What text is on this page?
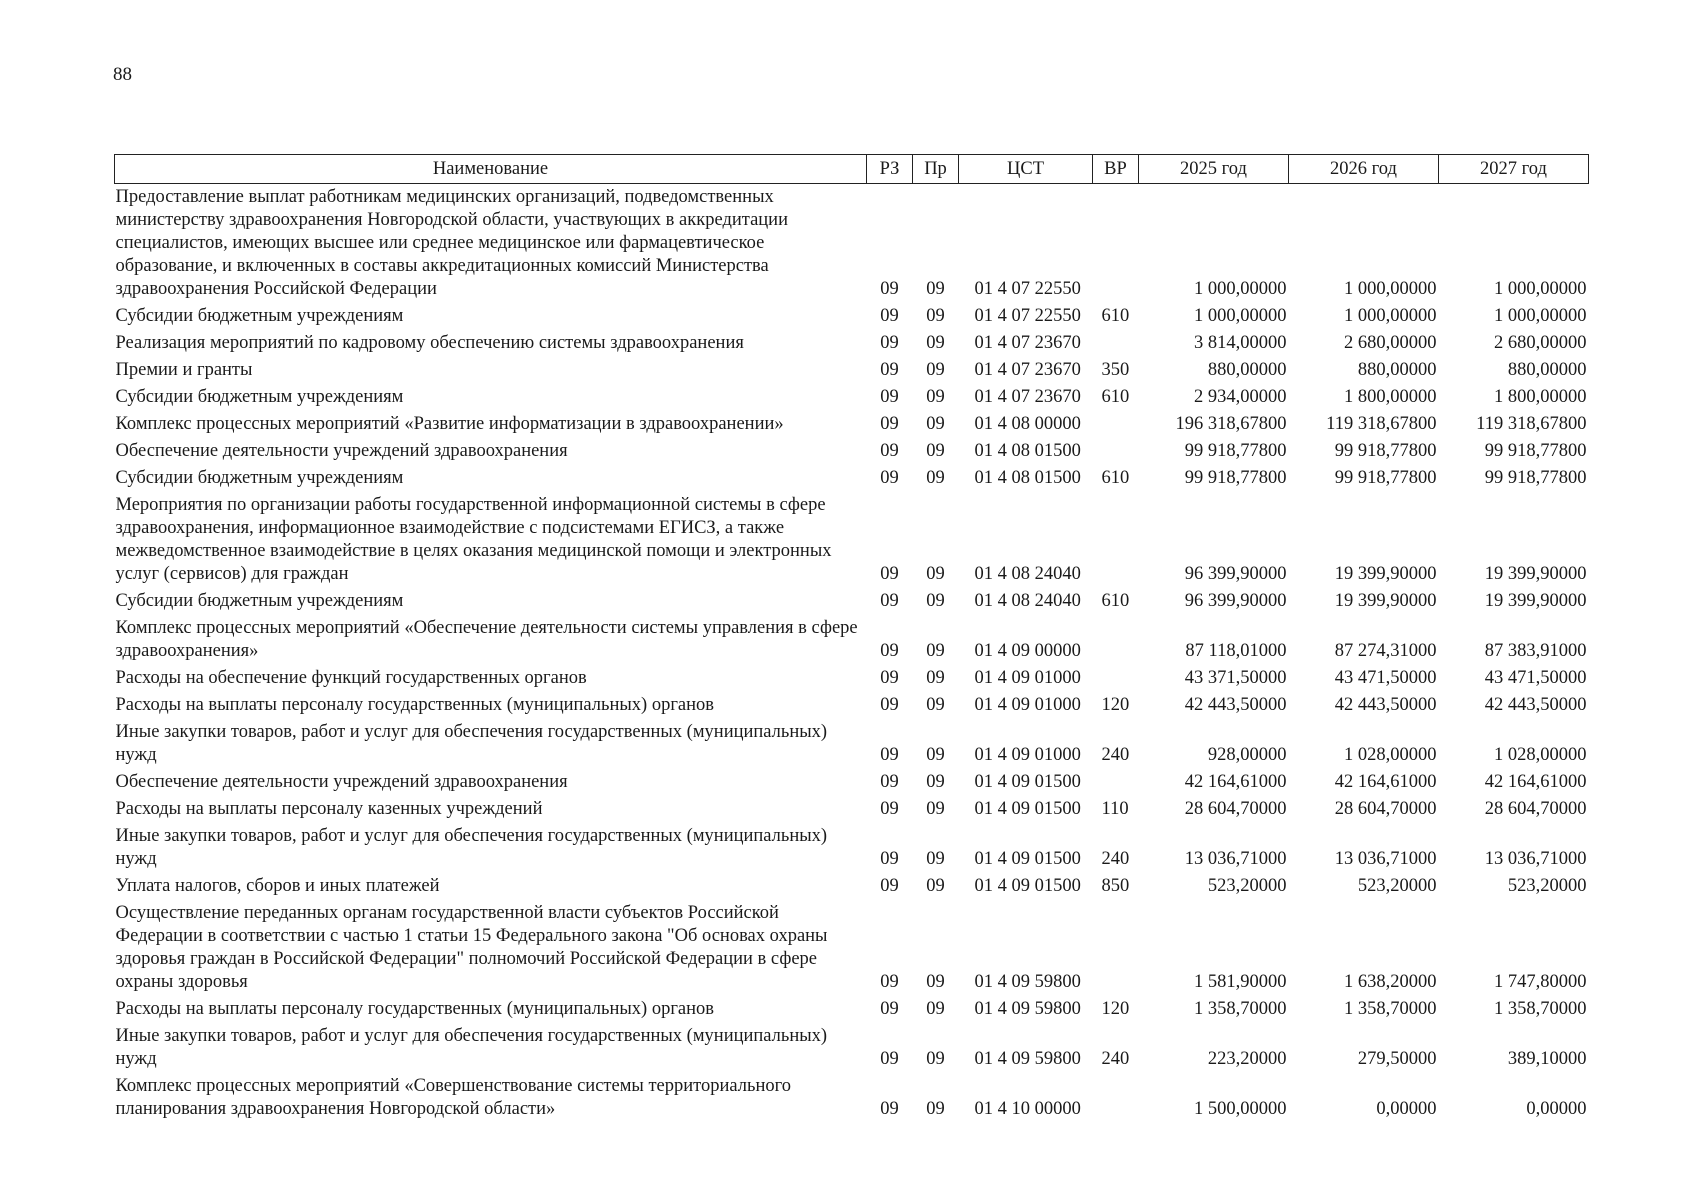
88
Наименование	РЗ	Пр	ЦСТ	ВР	2025 год	2026 год	2027 год
Предоставление выплат работникам медицинских организаций, подведомственных министерству здравоохранения Новгородской области, участвующих в аккредитации специалистов, имеющих высшее или среднее медицинское или фармацевтическое образование, и включенных в составы аккредитационных комиссий Министерства здравоохранения Российской Федерации	09	09	01 4 07 22550		1 000,00000	1 000,00000	1 000,00000
Субсидии бюджетным учреждениям	09	09	01 4 07 22550	610	1 000,00000	1 000,00000	1 000,00000
Реализация мероприятий по кадровому обеспечению системы здравоохранения	09	09	01 4 07 23670		3 814,00000	2 680,00000	2 680,00000
Премии и гранты	09	09	01 4 07 23670	350	880,00000	880,00000	880,00000
Субсидии бюджетным учреждениям	09	09	01 4 07 23670	610	2 934,00000	1 800,00000	1 800,00000
Комплекс процессных мероприятий «Развитие информатизации в здравоохранении»	09	09	01 4 08 00000		196 318,67800	119 318,67800	119 318,67800
Обеспечение деятельности учреждений здравоохранения	09	09	01 4 08 01500		99 918,77800	99 918,77800	99 918,77800
Субсидии бюджетным учреждениям	09	09	01 4 08 01500	610	99 918,77800	99 918,77800	99 918,77800
Мероприятия по организации работы государственной информационной системы в сфере здравоохранения, информационное взаимодействие с подсистемами ЕГИСЗ, а также межведомственное взаимодействие в целях оказания медицинской помощи и электронных услуг (сервисов) для граждан	09	09	01 4 08 24040		96 399,90000	19 399,90000	19 399,90000
Субсидии бюджетным учреждениям	09	09	01 4 08 24040	610	96 399,90000	19 399,90000	19 399,90000
Комплекс процессных мероприятий «Обеспечение деятельности системы управления в сфере здравоохранения»	09	09	01 4 09 00000		87 118,01000	87 274,31000	87 383,91000
Расходы на обеспечение функций государственных органов	09	09	01 4 09 01000		43 371,50000	43 471,50000	43 471,50000
Расходы на выплаты персоналу государственных (муниципальных) органов	09	09	01 4 09 01000	120	42 443,50000	42 443,50000	42 443,50000
Иные закупки товаров, работ и услуг для обеспечения государственных (муниципальных) нужд	09	09	01 4 09 01000	240	928,00000	1 028,00000	1 028,00000
Обеспечение деятельности учреждений здравоохранения	09	09	01 4 09 01500		42 164,61000	42 164,61000	42 164,61000
Расходы на выплаты персоналу казенных учреждений	09	09	01 4 09 01500	110	28 604,70000	28 604,70000	28 604,70000
Иные закупки товаров, работ и услуг для обеспечения государственных (муниципальных) нужд	09	09	01 4 09 01500	240	13 036,71000	13 036,71000	13 036,71000
Уплата налогов, сборов и иных платежей	09	09	01 4 09 01500	850	523,20000	523,20000	523,20000
Осуществление переданных органам государственной власти субъектов Российской Федерации в соответствии с частью 1 статьи 15 Федерального закона "Об основах охраны здоровья граждан в Российской Федерации" полномочий Российской Федерации в сфере охраны здоровья	09	09	01 4 09 59800		1 581,90000	1 638,20000	1 747,80000
Расходы на выплаты персоналу государственных (муниципальных) органов	09	09	01 4 09 59800	120	1 358,70000	1 358,70000	1 358,70000
Иные закупки товаров, работ и услуг для обеспечения государственных (муниципальных) нужд	09	09	01 4 09 59800	240	223,20000	279,50000	389,10000
Комплекс процессных мероприятий «Совершенствование системы территориального планирования здравоохранения Новгородской области»	09	09	01 4 10 00000		1 500,00000	0,00000	0,00000
